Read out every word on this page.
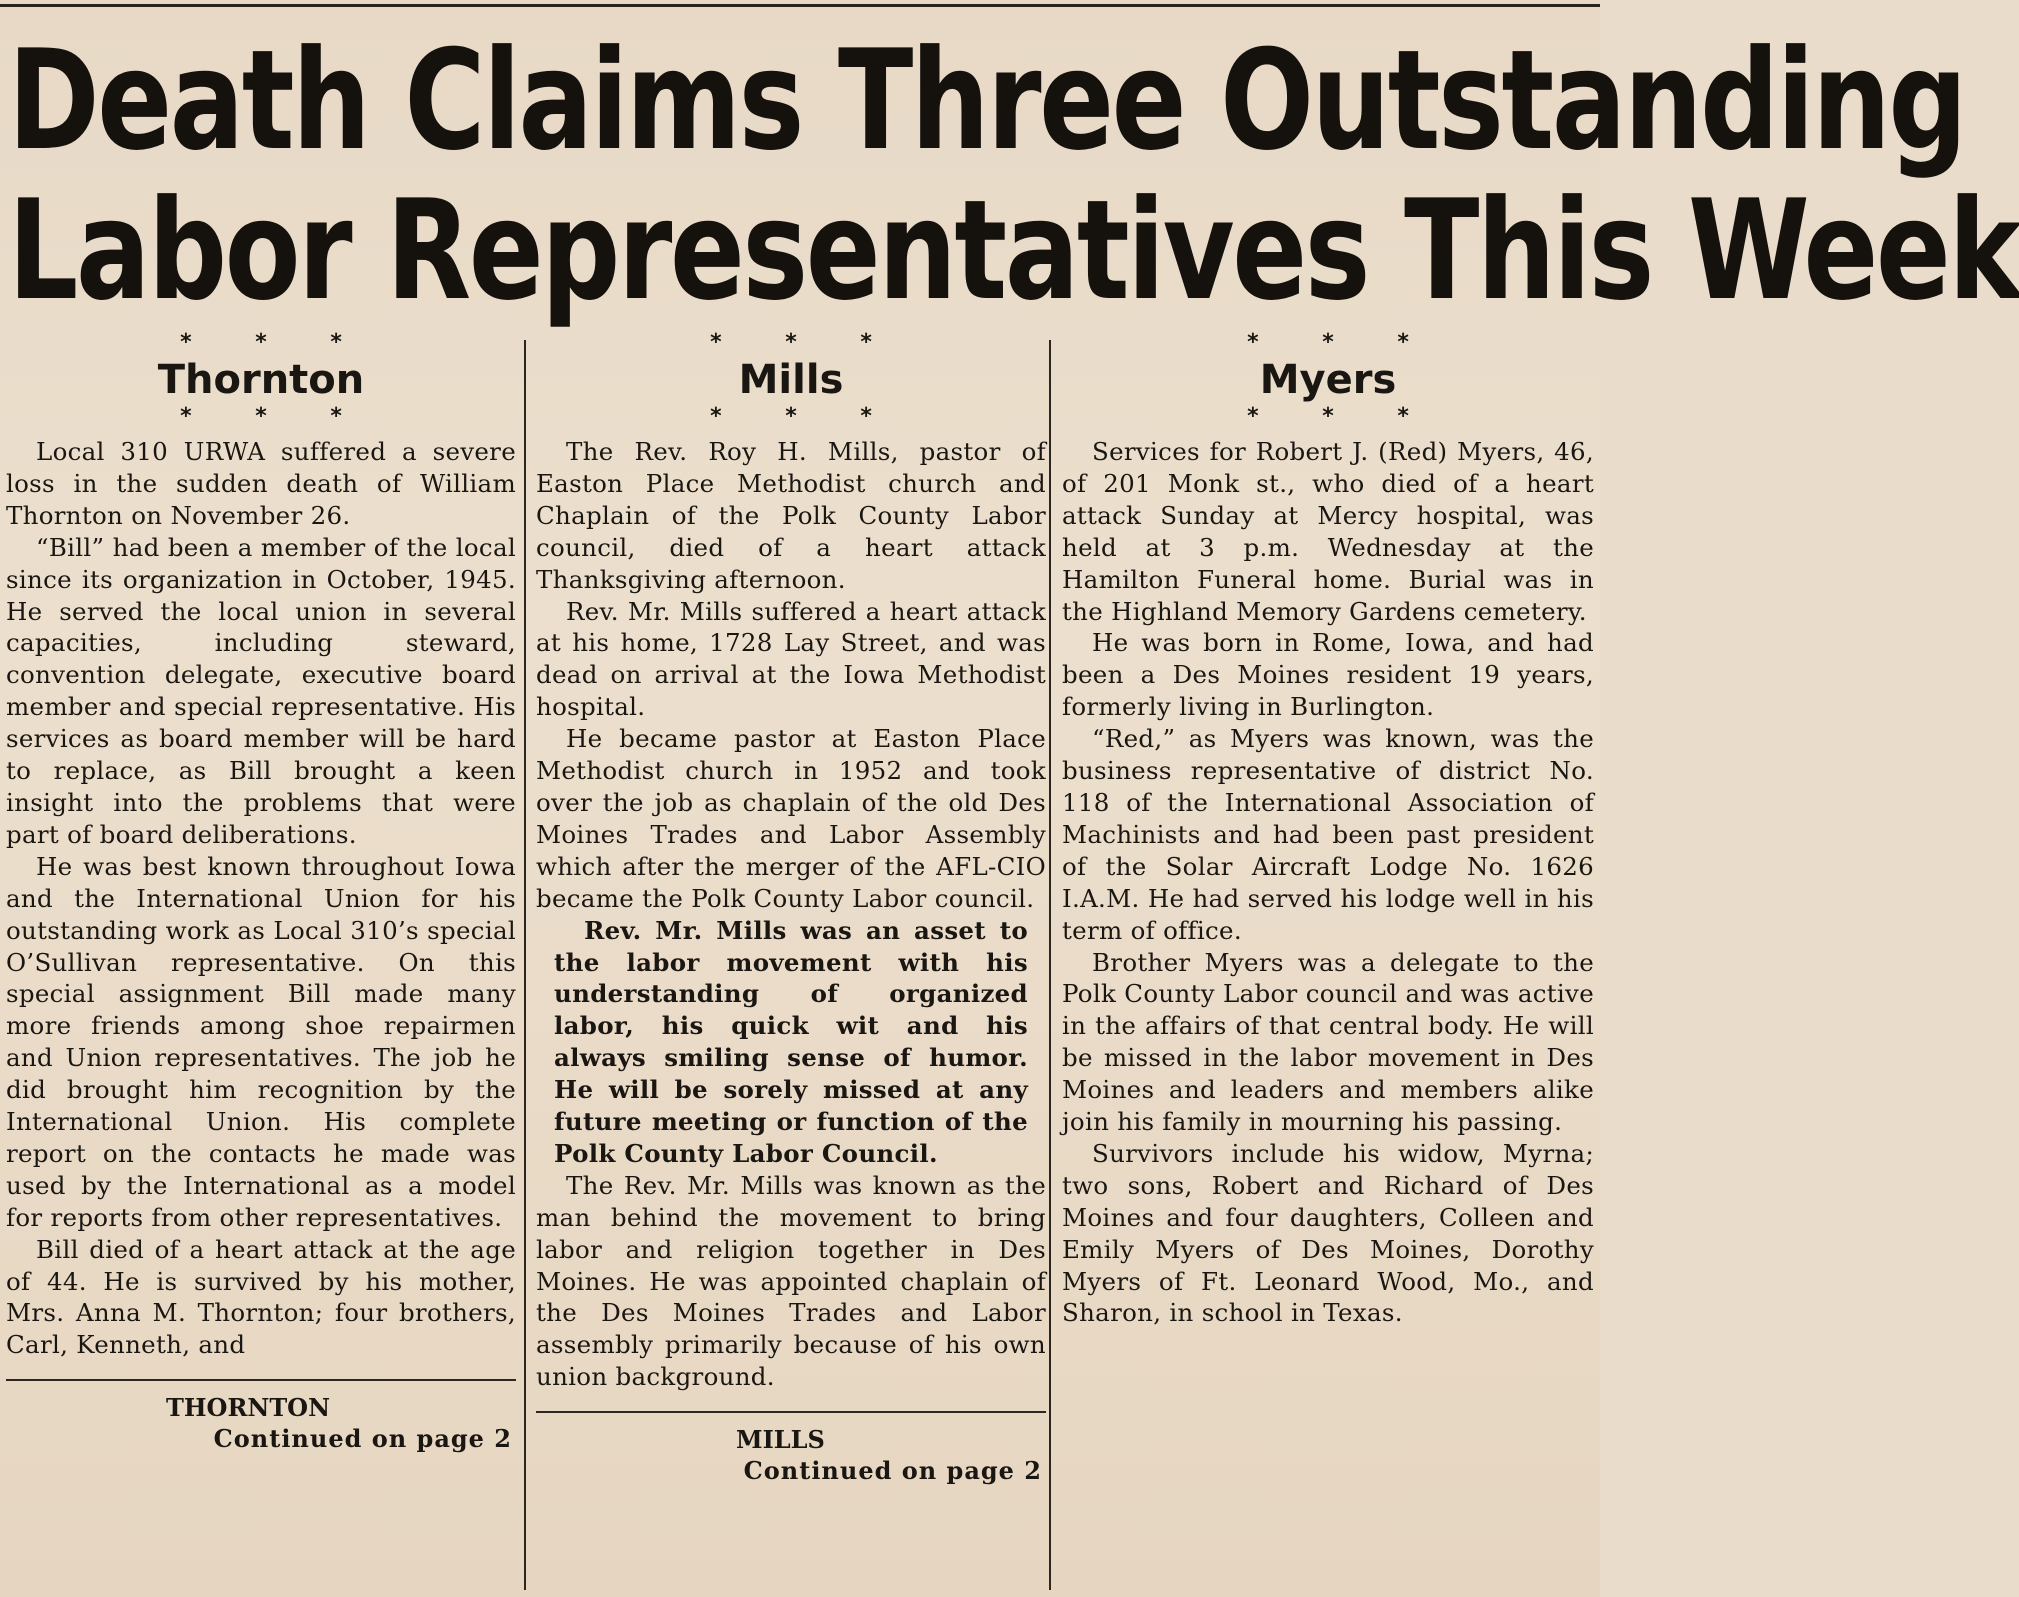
Death Claims Three Outstanding
Labor Representatives This Week
* * *
Thornton
* * *

Local 310 URWA suffered a severe loss in the sudden death of William Thornton on November 26.

“Bill” had been a member of the local since its organization in October, 1945. He served the local union in several capacities, including steward, convention delegate, executive board member and special representative. His services as board member will be hard to replace, as Bill brought a keen insight into the problems that were part of board deliberations.

He was best known throughout Iowa and the International Union for his outstanding work as Local 310’s special O’Sullivan representative. On this special assignment Bill made many more friends among shoe repairmen and Union representatives. The job he did brought him recognition by the International Union. His complete report on the contacts he made was used by the International as a model for reports from other representatives.

Bill died of a heart attack at the age of 44. He is survived by his mother, Mrs. Anna M. Thornton; four brothers, Carl, Kenneth, and

THORNTON
Continued on page 2
* * *
Mills
* * *

The Rev. Roy H. Mills, pastor of Easton Place Methodist church and Chaplain of the Polk County Labor council, died of a heart attack Thanksgiving afternoon.

Rev. Mr. Mills suffered a heart attack at his home, 1728 Lay Street, and was dead on arrival at the Iowa Methodist hospital.

He became pastor at Easton Place Methodist church in 1952 and took over the job as chaplain of the old Des Moines Trades and Labor Assembly which after the merger of the AFL-CIO became the Polk County Labor council.

Rev. Mr. Mills was an asset to the labor movement with his understanding of organized labor, his quick wit and his always smiling sense of humor. He will be sorely missed at any future meeting or function of the Polk County Labor Council.

The Rev. Mr. Mills was known as the man behind the movement to bring labor and religion together in Des Moines. He was appointed chaplain of the Des Moines Trades and Labor assembly primarily because of his own union background.

MILLS
Continued on page 2
* * *
Myers
* * *

Services for Robert J. (Red) Myers, 46, of 201 Monk st., who died of a heart attack Sunday at Mercy hospital, was held at 3 p.m. Wednesday at the Hamilton Funeral home. Burial was in the Highland Memory Gardens cemetery.

He was born in Rome, Iowa, and had been a Des Moines resident 19 years, formerly living in Burlington.

“Red,” as Myers was known, was the business representative of district No. 118 of the International Association of Machinists and had been past president of the Solar Aircraft Lodge No. 1626 I.A.M. He had served his lodge well in his term of office.

Brother Myers was a delegate to the Polk County Labor council and was active in the affairs of that central body. He will be missed in the labor movement in Des Moines and leaders and members alike join his family in mourning his passing.

Survivors include his widow, Myrna; two sons, Robert and Richard of Des Moines and four daughters, Colleen and Emily Myers of Des Moines, Dorothy Myers of Ft. Leonard Wood, Mo., and Sharon, in school in Texas.
